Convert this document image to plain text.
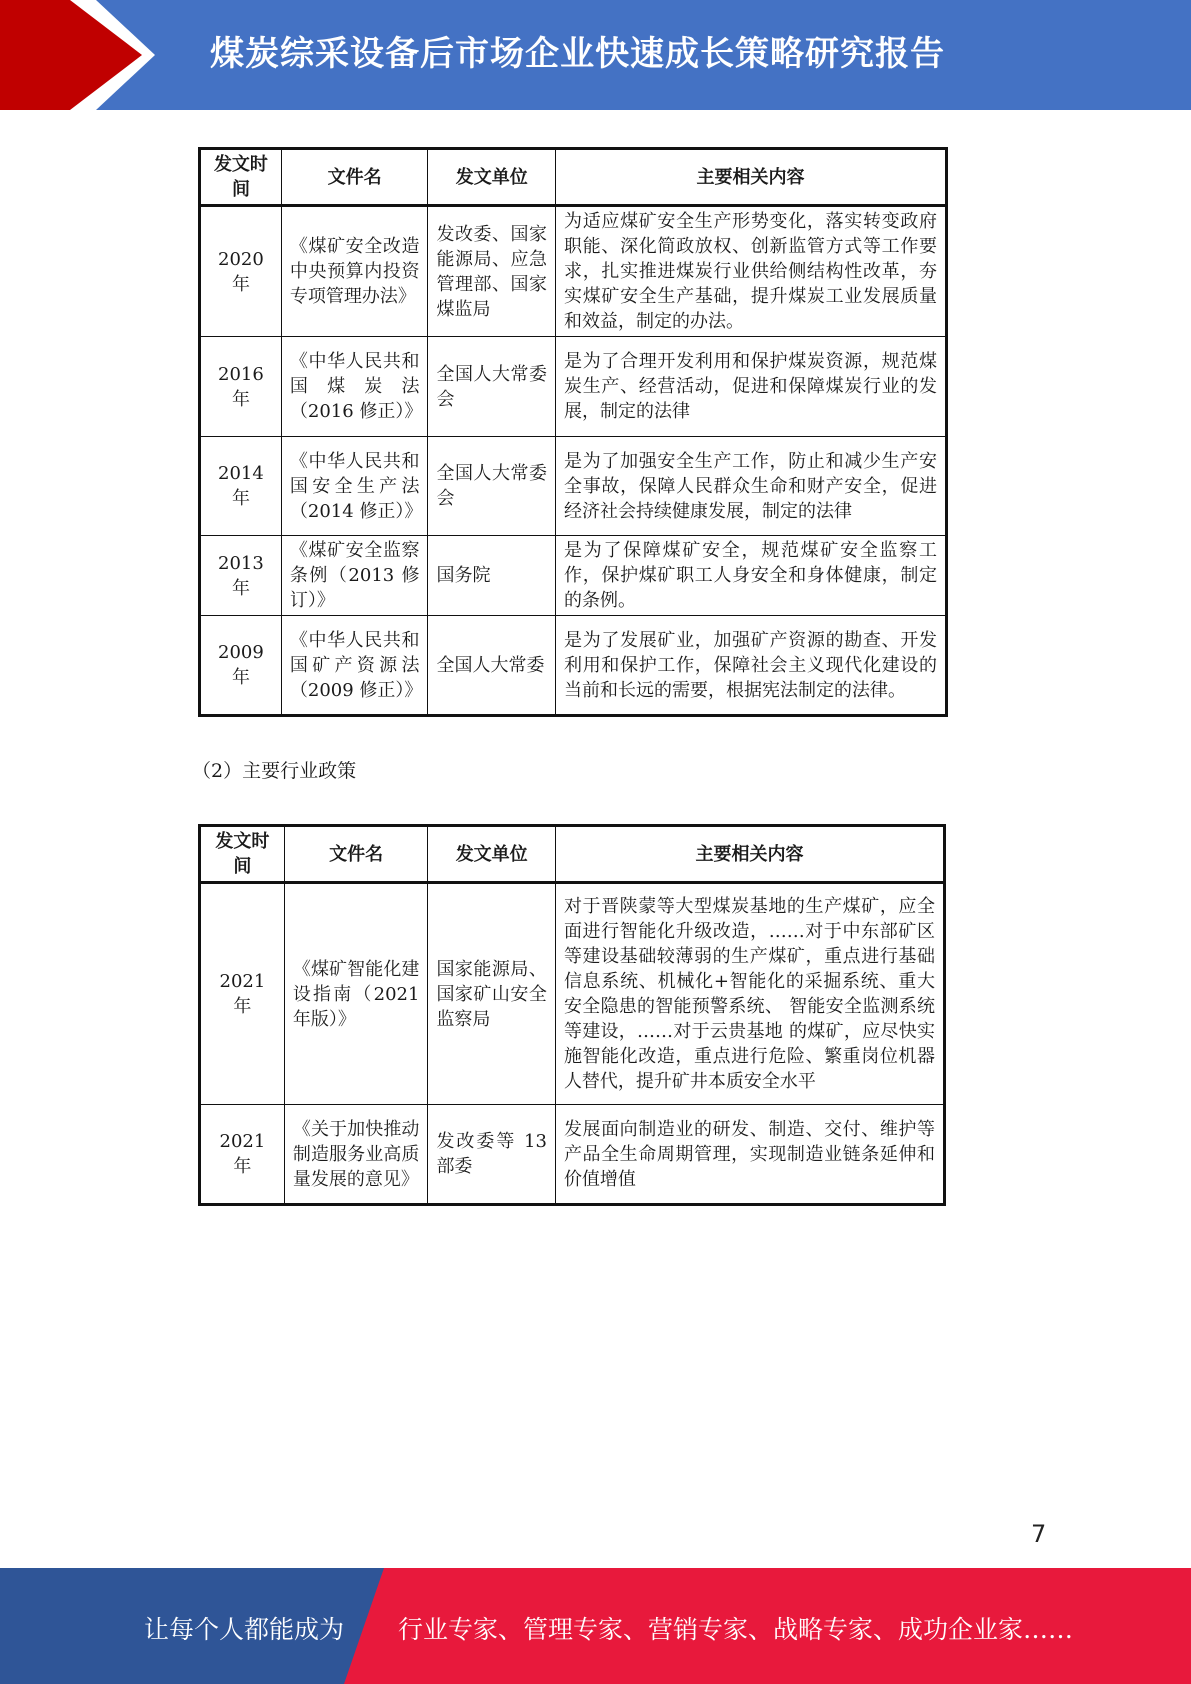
煤炭综采设备后市场企业快速成长策略研究报告
发文时间	文件名	发文单位	主要相关内容
2020 年	《煤矿安全改造中央预算内投资专项管理办法》	发改委、国家能源局、应急管理部、国家煤监局	为适应煤矿安全生产形势变化，落实转变政府职能、深化简政放权、创新监管方式等工作要求，扎实推进煤炭行业供给侧结构性改革，夯实煤矿安全生产基础，提升煤炭工业发展质量和效益，制定的办法。
2016 年	《中华人民共和国煤炭法（2016 修正）》	全国人大常委会	是为了合理开发利用和保护煤炭资源，规范煤炭生产、经营活动，促进和保障煤炭行业的发展，制定的法律
2014 年	《中华人民共和国安全生产法（2014 修正）》	全国人大常委会	是为了加强安全生产工作，防止和减少生产安全事故，保障人民群众生命和财产安全，促进经济社会持续健康发展，制定的法律
2013 年	《煤矿安全监察条例（2013 修订）》	国务院	是为了保障煤矿安全，规范煤矿安全监察工作，保护煤矿职工人身安全和身体健康，制定的条例。
2009 年	《中华人民共和国矿产资源法（2009 修正）》	全国人大常委	是为了发展矿业，加强矿产资源的勘查、开发利用和保护工作，保障社会主义现代化建设的当前和长远的需要，根据宪法制定的法律。
（2）主要行业政策
发文时间	文件名	发文单位	主要相关内容
2021 年	《煤矿智能化建设指南（2021 年版）》	国家能源局、国家矿山安全监察局	对于晋陕蒙等大型煤炭基地的生产煤矿，应全面进行智能化升级改造，……对于中东部矿区等建设基础较薄弱的生产煤矿，重点进行基础信息系统、机械化+智能化的采掘系统、重大安全隐患的智能预警系统、 智能安全监测系统等建设，……对于云贵基地 的煤矿，应尽快实施智能化改造，重点进行危险、繁重岗位机器人替代，提升矿井本质安全水平
2021 年	《关于加快推动制造服务业高质量发展的意见》	发改委等 13 部委	发展面向制造业的研发、制造、交付、维护等产品全生命周期管理，实现制造业链条延伸和价值增值
7
让每个人都能成为 行业专家、管理专家、营销专家、战略专家、成功企业家……
